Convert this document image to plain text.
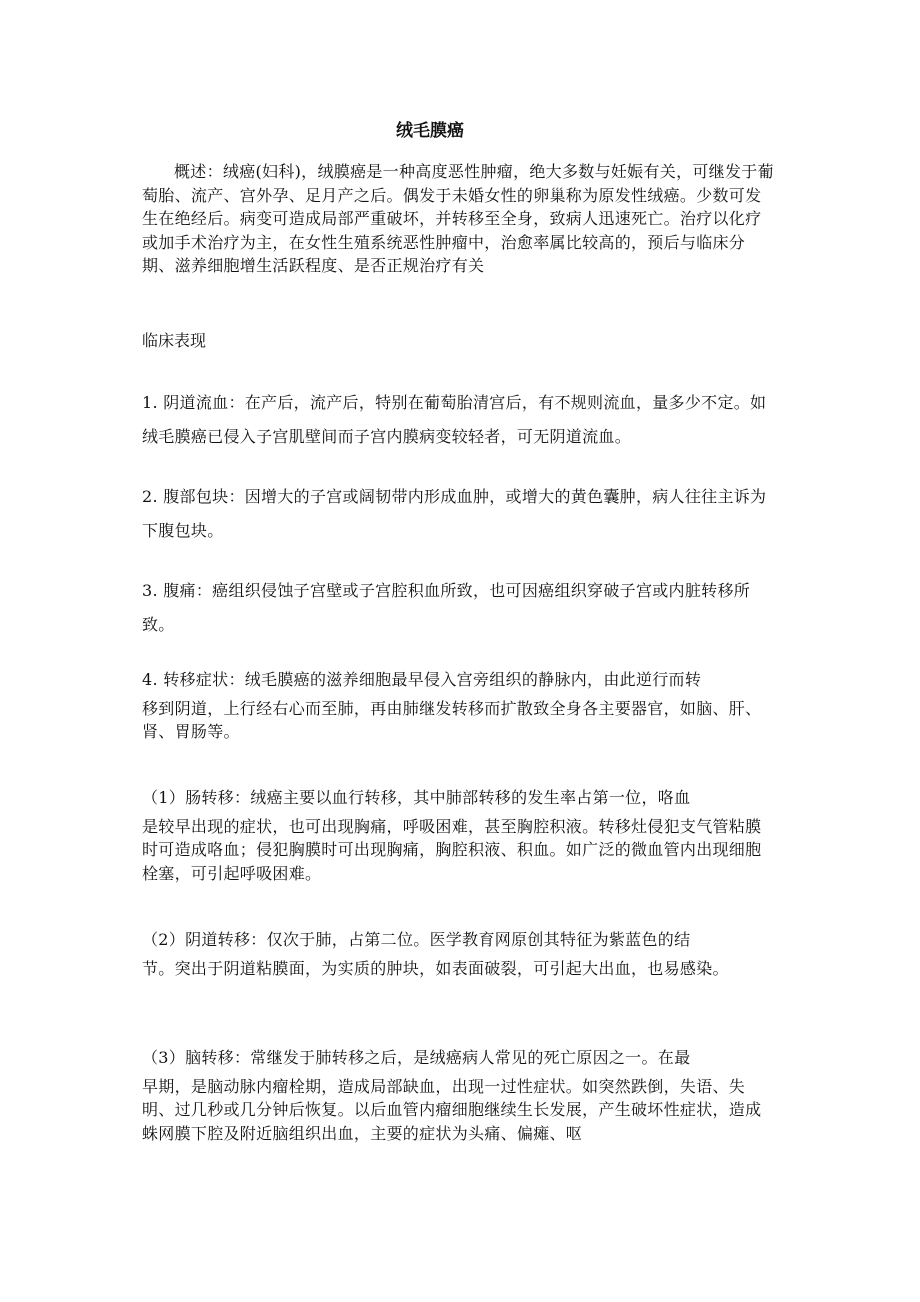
绒毛膜癌
概述：绒癌(妇科)，绒膜癌是一种高度恶性肿瘤，绝大多数与妊娠有关，可继发于葡萄胎、流产、宫外孕、足月产之后。偶发于未婚女性的卵巢称为原发性绒癌。少数可发生在绝经后。病变可造成局部严重破坏，并转移至全身，致病人迅速死亡。治疗以化疗或加手术治疗为主，在女性生殖系统恶性肿瘤中，治愈率属比较高的，预后与临床分期、滋养细胞增生活跃程度、是否正规治疗有关
临床表现
1. 阴道流血：在产后，流产后，特别在葡萄胎清宫后，有不规则流血，量多少不定。如绒毛膜癌已侵入子宫肌壁间而子宫内膜病变较轻者，可无阴道流血。
2. 腹部包块：因增大的子宫或阔韧带内形成血肿，或增大的黄色囊肿，病人往往主诉为下腹包块。
3. 腹痛：癌组织侵蚀子宫壁或子宫腔积血所致，也可因癌组织穿破子宫或内脏转移所致。
4. 转移症状：绒毛膜癌的滋养细胞最早侵入宫旁组织的静脉内，由此逆行而转
移到阴道，上行经右心而至肺，再由肺继发转移而扩散致全身各主要器官，如脑、肝、肾、胃肠等。
（1）肠转移：绒癌主要以血行转移，其中肺部转移的发生率占第一位，咯血
是较早出现的症状，也可出现胸痛，呼吸困难，甚至胸腔积液。转移灶侵犯支气管粘膜时可造成咯血；侵犯胸膜时可出现胸痛，胸腔积液、积血。如广泛的微血管内出现细胞栓塞，可引起呼吸困难。
（2）阴道转移：仅次于肺，占第二位。医学教育网原创其特征为紫蓝色的结
节。突出于阴道粘膜面，为实质的肿块，如表面破裂，可引起大出血，也易感染。
（3）脑转移：常继发于肺转移之后，是绒癌病人常见的死亡原因之一。在最
早期，是脑动脉内瘤栓期，造成局部缺血，出现一过性症状。如突然跌倒，失语、失明、过几秒或几分钟后恢复。以后血管内瘤细胞继续生长发展，产生破坏性症状，造成蛛网膜下腔及附近脑组织出血，主要的症状为头痛、偏瘫、呕
